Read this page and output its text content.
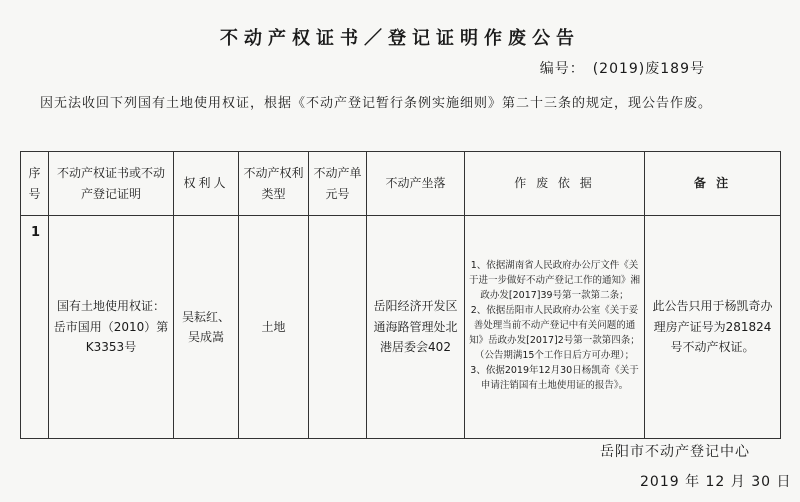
不动产权证书／登记证明作废公告
编号：　(2019)废189号
因无法收回下列国有土地使用权证，根据《不动产登记暂行条例实施细则》第二十三条的规定，现公告作废。
序号	不动产权证书或不动产登记证明	权利人	不动产权利类型	不动产单元号	不动产坐落	作 废 依 据	备 注
1	国有土地使用权证：岳市国用（2010）第K3353号	吴耘红、吴成嵩	土地		岳阳经济开发区通海路管理处北港居委会402	1、依据湖南省人民政府办公厅文件《关于进一步做好不动产登记工作的通知》湘政办发[2017]39号第一款第二条；

2、依据岳阳市人民政府办公室《关于妥善处理当前不动产登记中有关问题的通知》岳政办发[2017]2号第一款第四条；（公告期满15个工作日后方可办理）；

3、依据2019年12月30日杨凯奇《关于申请注销国有土地使用证的报告》。	此公告只用于杨凯奇办理房产证号为281824号不动产权证。
岳阳市不动产登记中心
2019 年 12 月 30 日
